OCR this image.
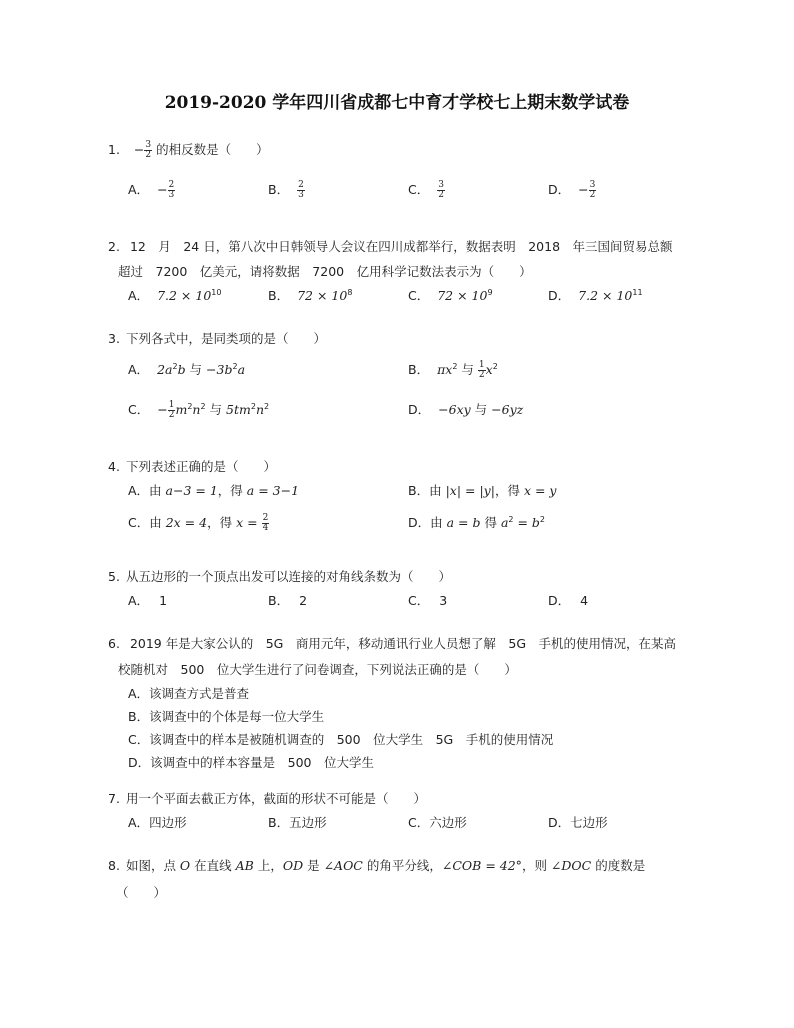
2019-2020 学年四川省成都七中育才学校七上期末数学试卷
1. − $\frac{3}{2}$ 的相反数是（　　）
A． − $\frac{2}{3}$	B． $\frac{2}{3}$	C． $\frac{3}{2}$	D． − $\frac{3}{2}$
2. 12　月　24 日，第八次中日韩领导人会议在四川成都举行，数据表明　2018　年三国间贸易总额
超过　7200　亿美元，请将数据　7200　亿用科学记数法表示为（　　）
A． $7.2 \times 10^{10}$	B． $72 \times 10^8$	C． $72 \times 10^9$	D． $7.2 \times 10^{11}$
3. 下列各式中，是同类项的是（　　）
A． $2a^2b$ 与 $-3b^2a$	B． $\pi x^2$ 与 $\frac{1}{2} x^2$
C． − $\frac{1}{2} m^2n^2$ 与 $5tm^2n^2$	D． −6xy 与 −6yz
4. 下列表述正确的是（　　）
A．由 a−3 = 1，得 a = 3−1	B．由 |x| = |y|，得 x = y
C．由 2x = 4，得 $x = \frac{2}{4}$	D．由 a = b 得 $a^2 = b^2$
5. 从五边形的一个顶点出发可以连接的对角线条数为（　　）
A． 1	B． 2	C． 3	D． 4
6. 2019 年是大家公认的　5G　商用元年，移动通讯行业人员想了解　5G　手机的使用情况，在某高
校随机对　500　位大学生进行了问卷调查，下列说法正确的是（　　）
A．该调查方式是普查
B．该调查中的个体是每一位大学生
C．该调查中的样本是被随机调查的　500　位大学生　5G　手机的使用情况
D．该调查中的样本容量是　500　位大学生
7. 用一个平面去截正方体，截面的形状不可能是（　　）
A．四边形	B．五边形	C．六边形	D．七边形
8. 如图，点 O 在直线 AB 上，OD 是 ∠AOC 的角平分线，∠COB = 42°，则 ∠DOC 的度数是
（　　）
